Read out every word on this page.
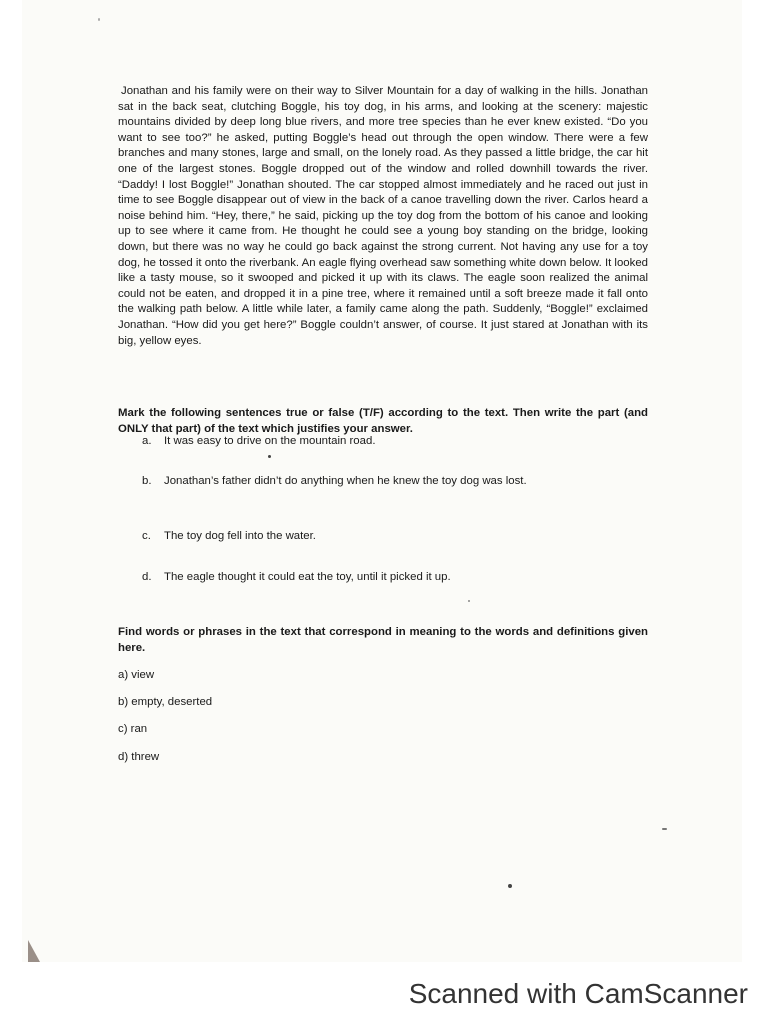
Jonathan and his family were on their way to Silver Mountain for a day of walking in the hills. Jonathan sat in the back seat, clutching Boggle, his toy dog, in his arms, and looking at the scenery: majestic mountains divided by deep long blue rivers, and more tree species than he ever knew existed. “Do you want to see too?” he asked, putting Boggle’s head out through the open window. There were a few branches and many stones, large and small, on the lonely road. As they passed a little bridge, the car hit one of the largest stones. Boggle dropped out of the window and rolled downhill towards the river. “Daddy! I lost Boggle!” Jonathan shouted. The car stopped almost immediately and he raced out just in time to see Boggle disappear out of view in the back of a canoe travelling down the river. Carlos heard a noise behind him. “Hey, there,” he said, picking up the toy dog from the bottom of his canoe and looking up to see where it came from. He thought he could see a young boy standing on the bridge, looking down, but there was no way he could go back against the strong current. Not having any use for a toy dog, he tossed it onto the riverbank. An eagle flying overhead saw something white down below. It looked like a tasty mouse, so it swooped and picked it up with its claws. The eagle soon realized the animal could not be eaten, and dropped it in a pine tree, where it remained until a soft breeze made it fall onto the walking path below. A little while later, a family came along the path. Suddenly, “Boggle!” exclaimed Jonathan. “How did you get here?” Boggle couldn’t answer, of course. It just stared at Jonathan with its big, yellow eyes.

Mark the following sentences true or false (T/F) according to the text. Then write the part (and ONLY that part) of the text which justifies your answer.

a. It was easy to drive on the mountain road.
b. Jonathan’s father didn’t do anything when he knew the toy dog was lost.
c. The toy dog fell into the water.
d. The eagle thought it could eat the toy, until it picked it up.

Find words or phrases in the text that correspond in meaning to the words and definitions given here.

a) view
b) empty, deserted
c) ran
d) threw
Scanned with CamScanner
